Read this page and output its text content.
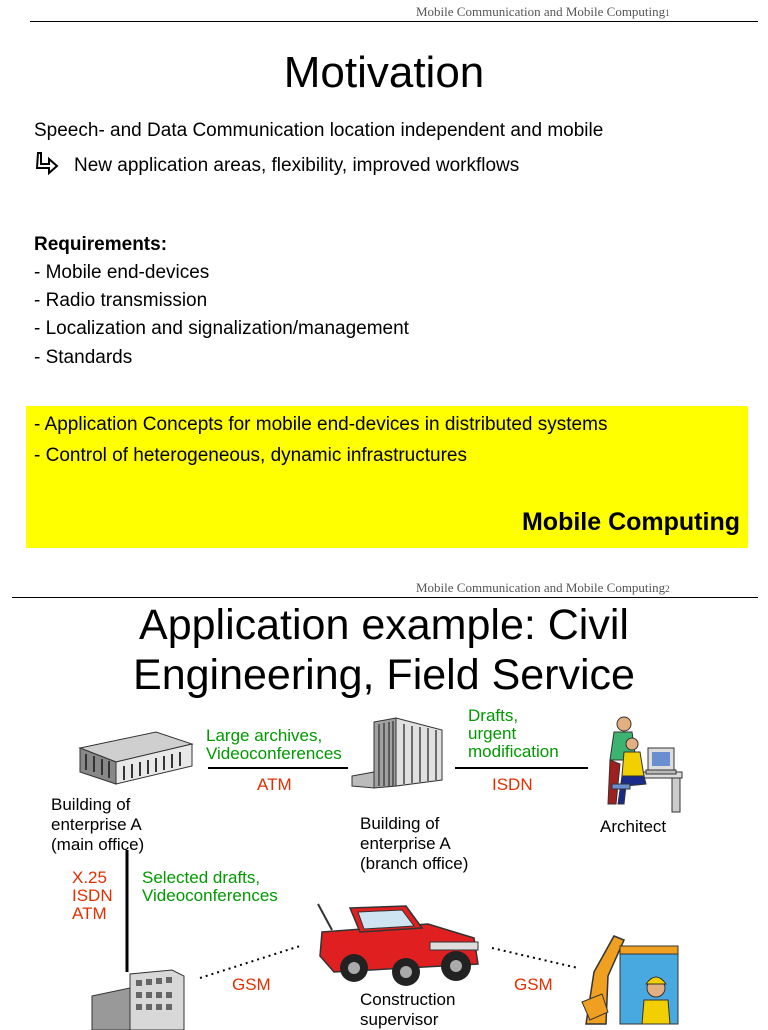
Mobile Communication and Mobile Computing1
Motivation
Speech- and Data Communication location independent and mobile
New application areas, flexibility, improved workflows
Requirements:
- Mobile end-devices
- Radio transmission
- Localization and signalization/management
- Standards
- Application Concepts for mobile end-devices in distributed systems
- Control of heterogeneous, dynamic infrastructures
Mobile Computing
Mobile Communication and Mobile Computing2
Application example: Civil
Engineering, Field Service
Building of
enterprise A
(main office)
Building of
enterprise A
(branch office)
Architect
Construction
supervisor
Large archives,
Videoconferences
ATM
Drafts,
urgent
modification
ISDN
X.25
ISDN
ATM
Selected drafts,
Videoconferences
GSM	GSM
